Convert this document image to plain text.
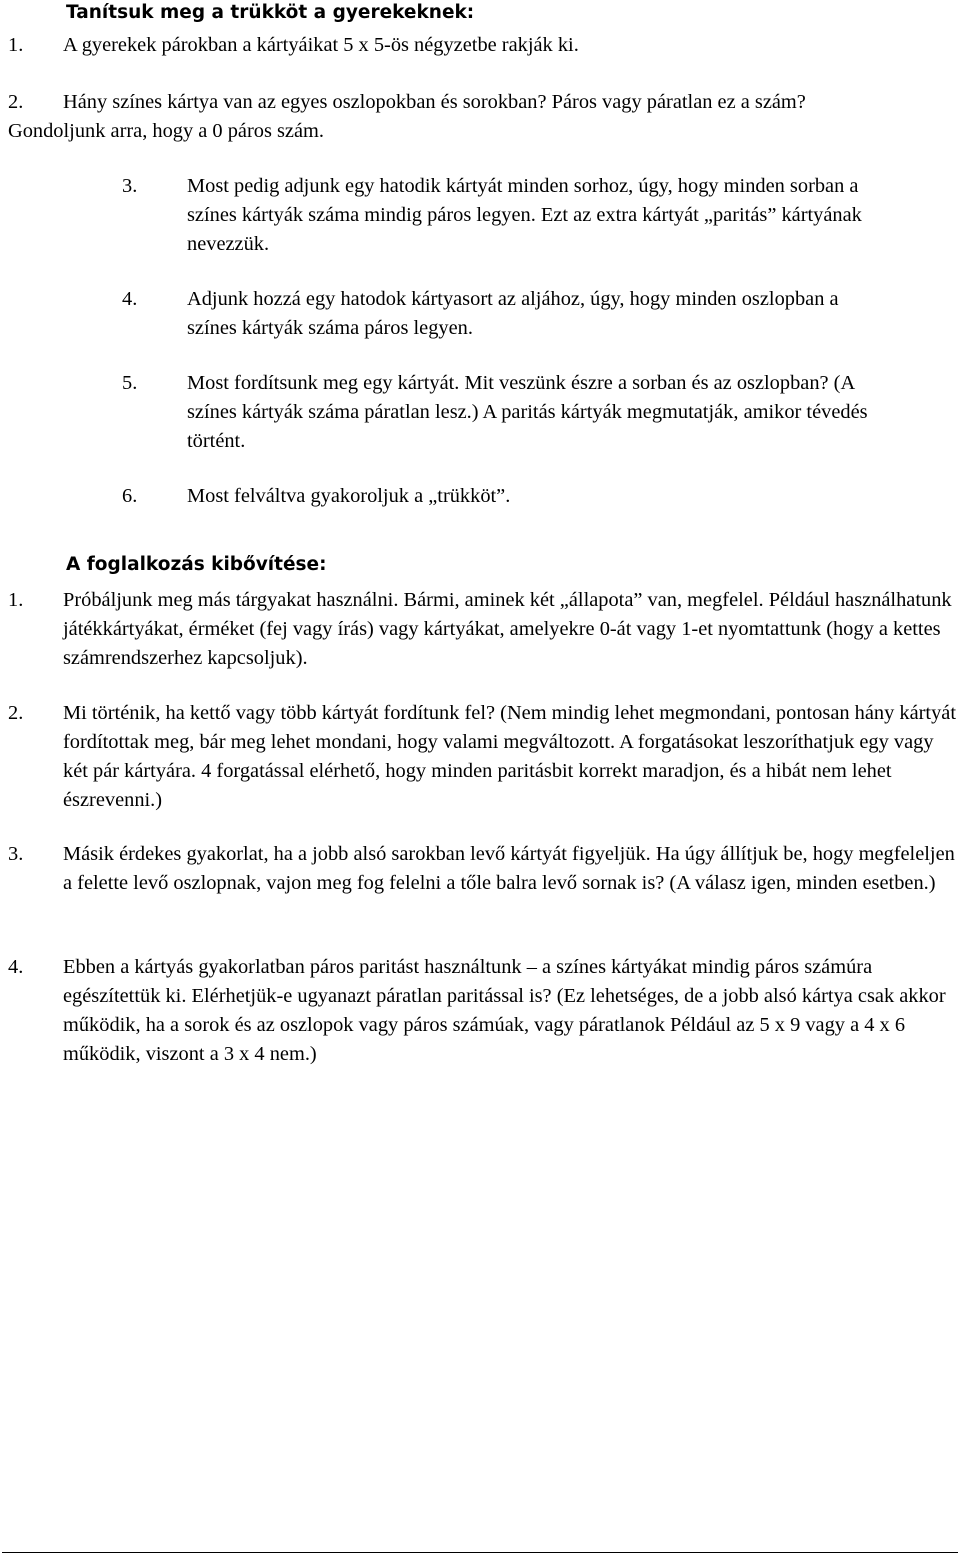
Tanítsuk meg a trükköt a gyerekeknek:
1.	A gyerekek párokban a kártyáikat 5 x 5-ös négyzetbe rakják ki.
2.	Hány színes kártya van az egyes oszlopokban és sorokban? Páros vagy páratlan ez a szám? Gondoljunk arra, hogy a 0 páros szám.
3. Most pedig adjunk egy hatodik kártyát minden sorhoz, úgy, hogy minden sorban a színes kártyák száma mindig páros legyen. Ezt az extra kártyát „paritás” kártyának nevezzük.
4. Adjunk hozzá egy hatodok kártyasort az aljához, úgy, hogy minden oszlopban a színes kártyák száma páros legyen.
5. Most fordítsunk meg egy kártyát. Mit veszünk észre a sorban és az oszlopban? (A színes kártyák száma páratlan lesz.) A paritás kártyák megmutatják, amikor tévedés történt.
6. Most felváltva gyakoroljuk a „trükköt”.
A foglalkozás kibővítése:
1. Próbáljunk meg más tárgyakat használni. Bármi, aminek két „állapota” van, megfelel. Például használhatunk játékkártyákat, érméket (fej vagy írás) vagy kártyákat, amelyekre 0-át vagy 1-et nyomtattunk (hogy a kettes számrendszerhez kapcsoljuk).
2. Mi történik, ha kettő vagy több kártyát fordítunk fel? (Nem mindig lehet megmondani, pontosan hány kártyát fordítottak meg, bár meg lehet mondani, hogy valami megváltozott. A forgatásokat leszoríthatjuk egy vagy két pár kártyára. 4 forgatással elérhető, hogy minden paritásbit korrekt maradjon, és a hibát nem lehet észrevenni.)
3. Másik érdekes gyakorlat, ha a jobb alsó sarokban levő kártyát figyeljük. Ha úgy állítjuk be, hogy megfeleljen a felette levő oszlopnak, vajon meg fog felelni a tőle balra levő sornak is? (A válasz igen, minden esetben.)
4. Ebben a kártyás gyakorlatban páros paritást használtunk – a színes kártyákat mindig páros számúra egészítettük ki. Elérhetjük-e ugyanazt páratlan paritással is? (Ez lehetséges, de a jobb alsó kártya csak akkor működik, ha a sorok és az oszlopok vagy páros számúak, vagy páratlanok Például az 5 x 9 vagy a 4 x 6 működik, viszont a 3 x 4 nem.)
